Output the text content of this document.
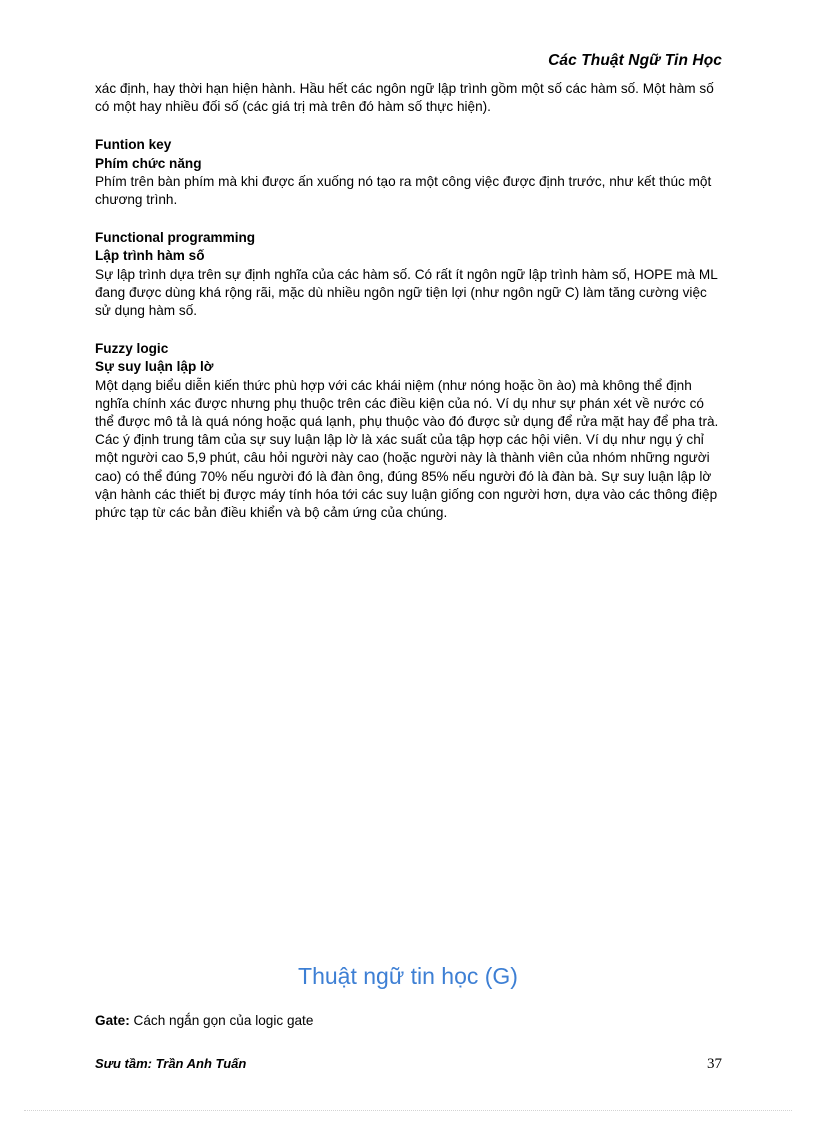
Các Thuật Ngữ Tin Học

xác định, hay thời hạn hiện hành. Hầu hết các ngôn ngữ lập trình gồm một số các hàm số. Một hàm số có một hay nhiều đối số (các giá trị mà trên đó hàm số thực hiện).

Funtion key

Phím chức năng

Phím trên bàn phím mà khi được ấn xuống nó tạo ra một công việc được định trước, như kết thúc một chương trình.

Functional programming

Lập trình hàm số

Sự lập trình dựa trên sự định nghĩa của các hàm số. Có rất ít ngôn ngữ lập trình hàm số, HOPE mà ML đang được dùng khá rộng rãi, mặc dù nhiều ngôn ngữ tiện lợi (như ngôn ngữ C) làm tăng cường việc sử dụng hàm số.

Fuzzy logic

Sự suy luận lập lờ

Một dạng biểu diễn kiến thức phù hợp với các khái niệm (như nóng hoặc ồn ào) mà không thể định nghĩa chính xác được nhưng phụ thuộc trên các điều kiện của nó. Ví dụ như sự phán xét về nước có thể được mô tả là quá nóng hoặc quá lạnh, phụ thuộc vào đó được sử dụng để rửa mặt hay để pha trà.

Các ý định trung tâm của sự suy luận lập lờ là xác suất của tập hợp các hội viên. Ví dụ như ngụ ý chỉ một người cao 5,9 phút, câu hỏi người này cao (hoặc người này là thành viên của nhóm những người cao) có thể đúng 70% nếu người đó là đàn ông, đúng 85% nếu người đó là đàn bà. Sự suy luận lập lờ vận hành các thiết bị được máy tính hóa tới các suy luận giống con người hơn, dựa vào các thông điệp phức tạp từ các bản điều khiển và bộ cảm ứng của chúng.

Thuật ngữ tin học (G)
Gate: Cách ngắn gọn của logic gate
Sưu tầm: Trần Anh Tuấn	37
